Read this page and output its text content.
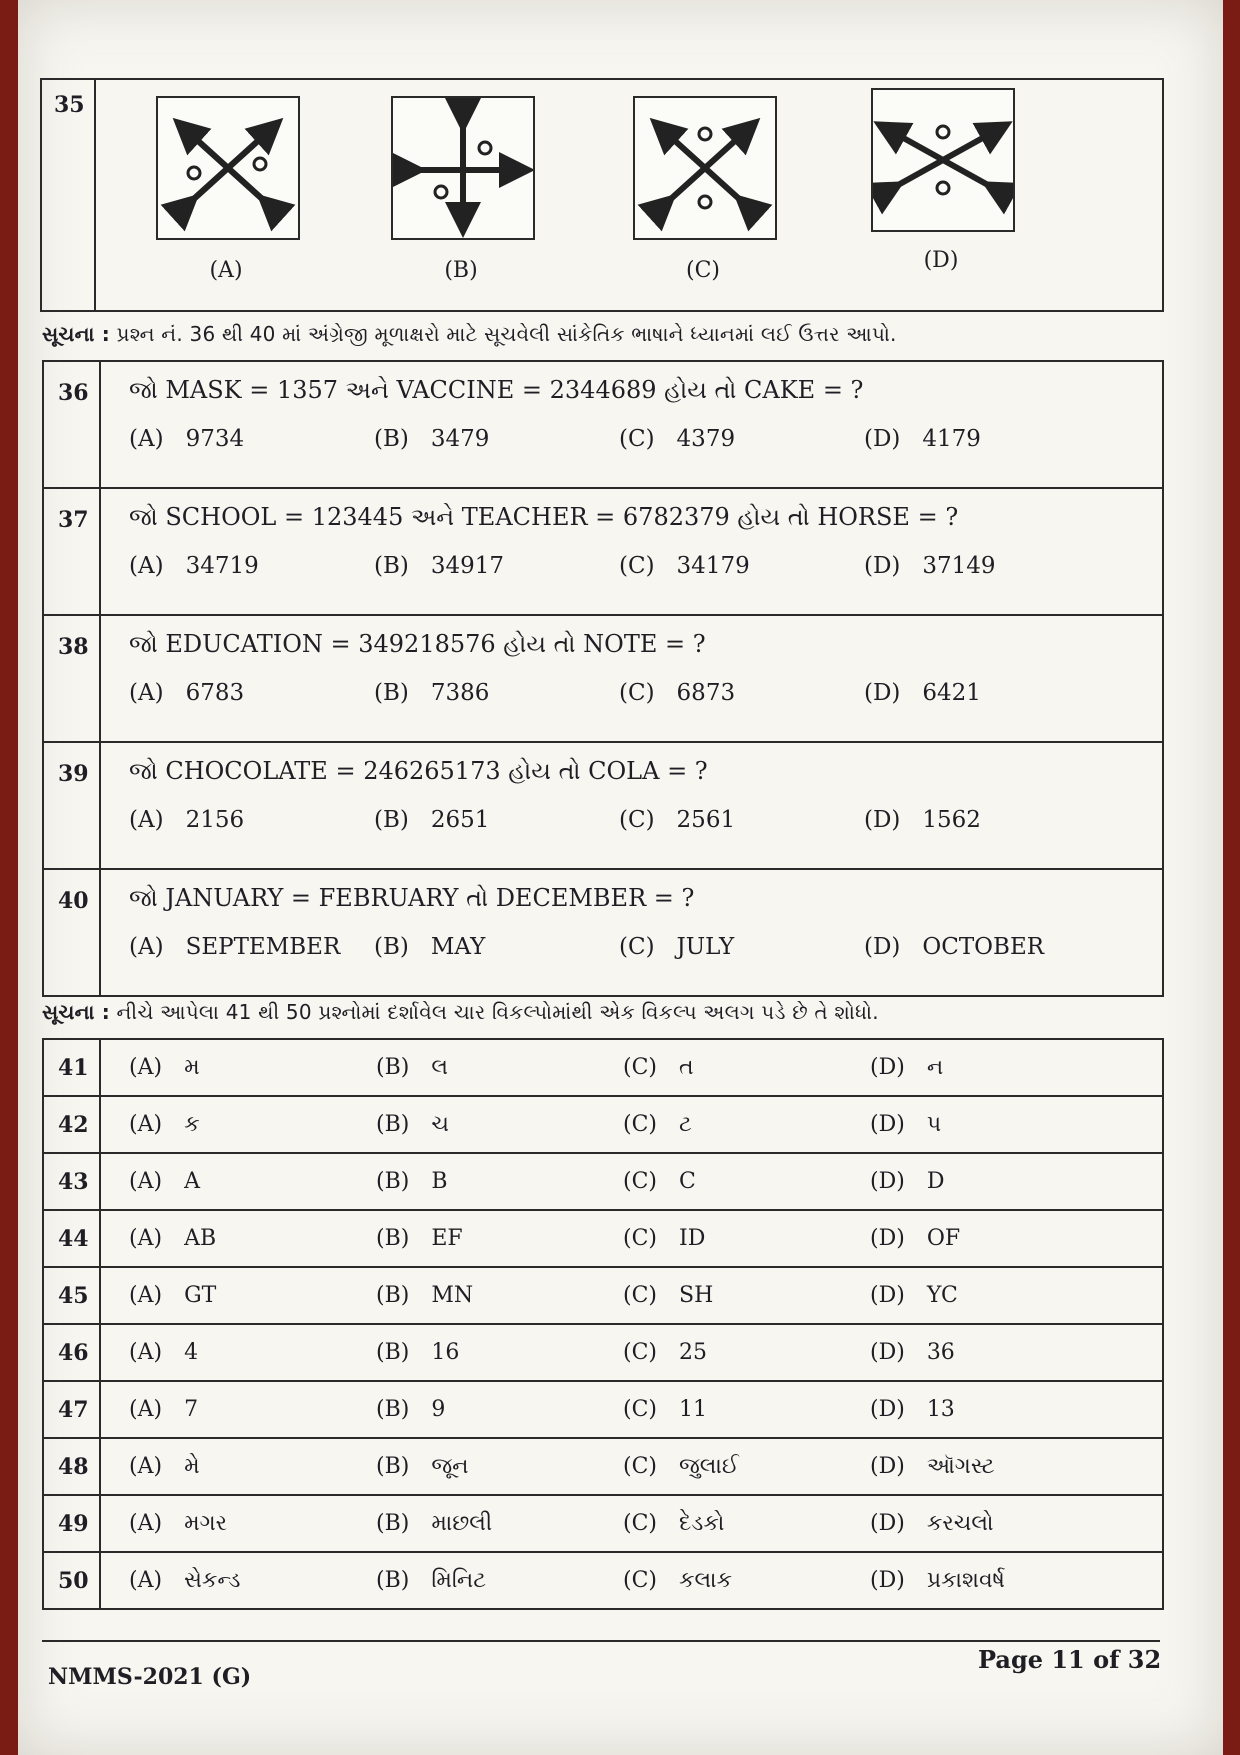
35
(A)	(B)	(C)	(D)
સૂચના : પ્રશ્ન નં. 36 થી 40 માં અંગ્રેજી મૂળાક્ષરો માટે સૂચવેલી સાંકેતિક ભાષાને ધ્યાનમાં લઈ ઉત્તર આપો.
36	જો MASK = 1357 અને VACCINE = 2344689 હોય તો CAKE = ?
(A) 9734	(B) 3479	(C) 4379	(D) 4179
37	જો SCHOOL = 123445 અને TEACHER = 6782379 હોય તો HORSE = ?
(A) 34719	(B) 34917	(C) 34179	(D) 37149
38	જો EDUCATION = 349218576 હોય તો NOTE = ?
(A) 6783	(B) 7386	(C) 6873	(D) 6421
39	જો CHOCOLATE = 246265173 હોય તો COLA = ?
(A) 2156	(B) 2651	(C) 2561	(D) 1562
40	જો JANUARY = FEBRUARY તો DECEMBER = ?
(A) SEPTEMBER	(B) MAY	(C) JULY	(D) OCTOBER
સૂચના : નીચે આપેલા 41 થી 50 પ્રશ્નોમાં દર્શાવેલ ચાર વિકલ્પોમાંથી એક વિકલ્પ અલગ પડે છે તે શોધો.
41	(A) મ	(B) લ	(C) ત	(D) ન
42	(A) ક	(B) ચ	(C) ટ	(D) પ
43	(A) A	(B) B	(C) C	(D) D
44	(A) AB	(B) EF	(C) ID	(D) OF
45	(A) GT	(B) MN	(C) SH	(D) YC
46	(A) 4	(B) 16	(C) 25	(D) 36
47	(A) 7	(B) 9	(C) 11	(D) 13
48	(A) મે	(B) જૂન	(C) જુલાઈ	(D) ઑગસ્ટ
49	(A) મગર	(B) માછલી	(C) દેડકો	(D) કરચલો
50	(A) સેકન્ડ	(B) મિનિટ	(C) કલાક	(D) પ્રકાશવર્ષ
NMMS-2021 (G)
Page 11 of 32
